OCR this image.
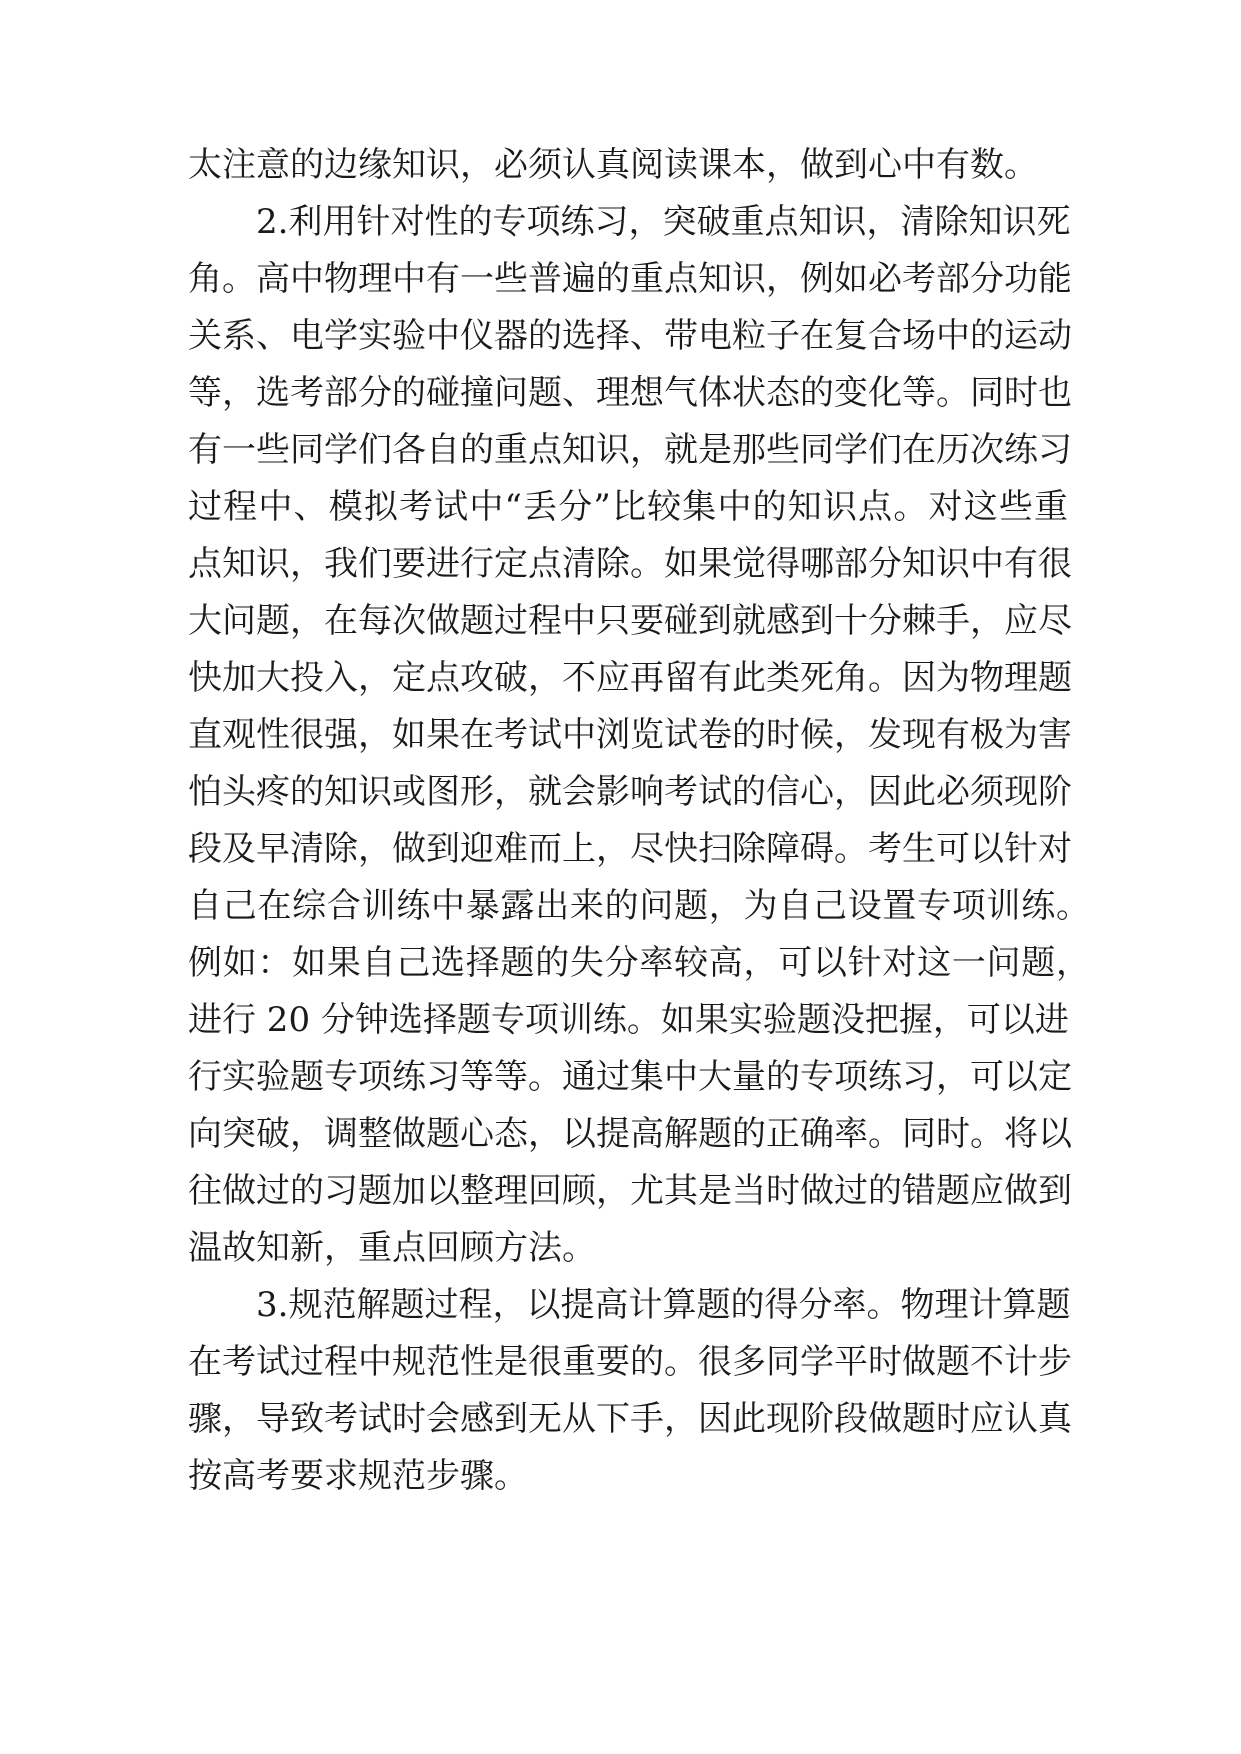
太注意的边缘知识，必须认真阅读课本，做到心中有数。
2.利用针对性的专项练习，突破重点知识，清除知识死
角。高中物理中有一些普遍的重点知识，例如必考部分功能
关系、电学实验中仪器的选择、带电粒子在复合场中的运动
等，选考部分的碰撞问题、理想气体状态的变化等。同时也
有一些同学们各自的重点知识，就是那些同学们在历次练习
过程中、模拟考试中“丢分”比较集中的知识点。对这些重
点知识，我们要进行定点清除。如果觉得哪部分知识中有很
大问题，在每次做题过程中只要碰到就感到十分棘手，应尽
快加大投入，定点攻破，不应再留有此类死角。因为物理题
直观性很强，如果在考试中浏览试卷的时候，发现有极为害
怕头疼的知识或图形，就会影响考试的信心，因此必须现阶
段及早清除，做到迎难而上，尽快扫除障碍。考生可以针对
自己在综合训练中暴露出来的问题，为自己设置专项训练。
例如：如果自己选择题的失分率较高，可以针对这一问题，
进行 20 分钟选择题专项训练。如果实验题没把握，可以进
行实验题专项练习等等。通过集中大量的专项练习，可以定
向突破，调整做题心态，以提高解题的正确率。同时。将以
往做过的习题加以整理回顾，尤其是当时做过的错题应做到
温故知新，重点回顾方法。
3.规范解题过程，以提高计算题的得分率。物理计算题
在考试过程中规范性是很重要的。很多同学平时做题不计步
骤，导致考试时会感到无从下手，因此现阶段做题时应认真
按高考要求规范步骤。
